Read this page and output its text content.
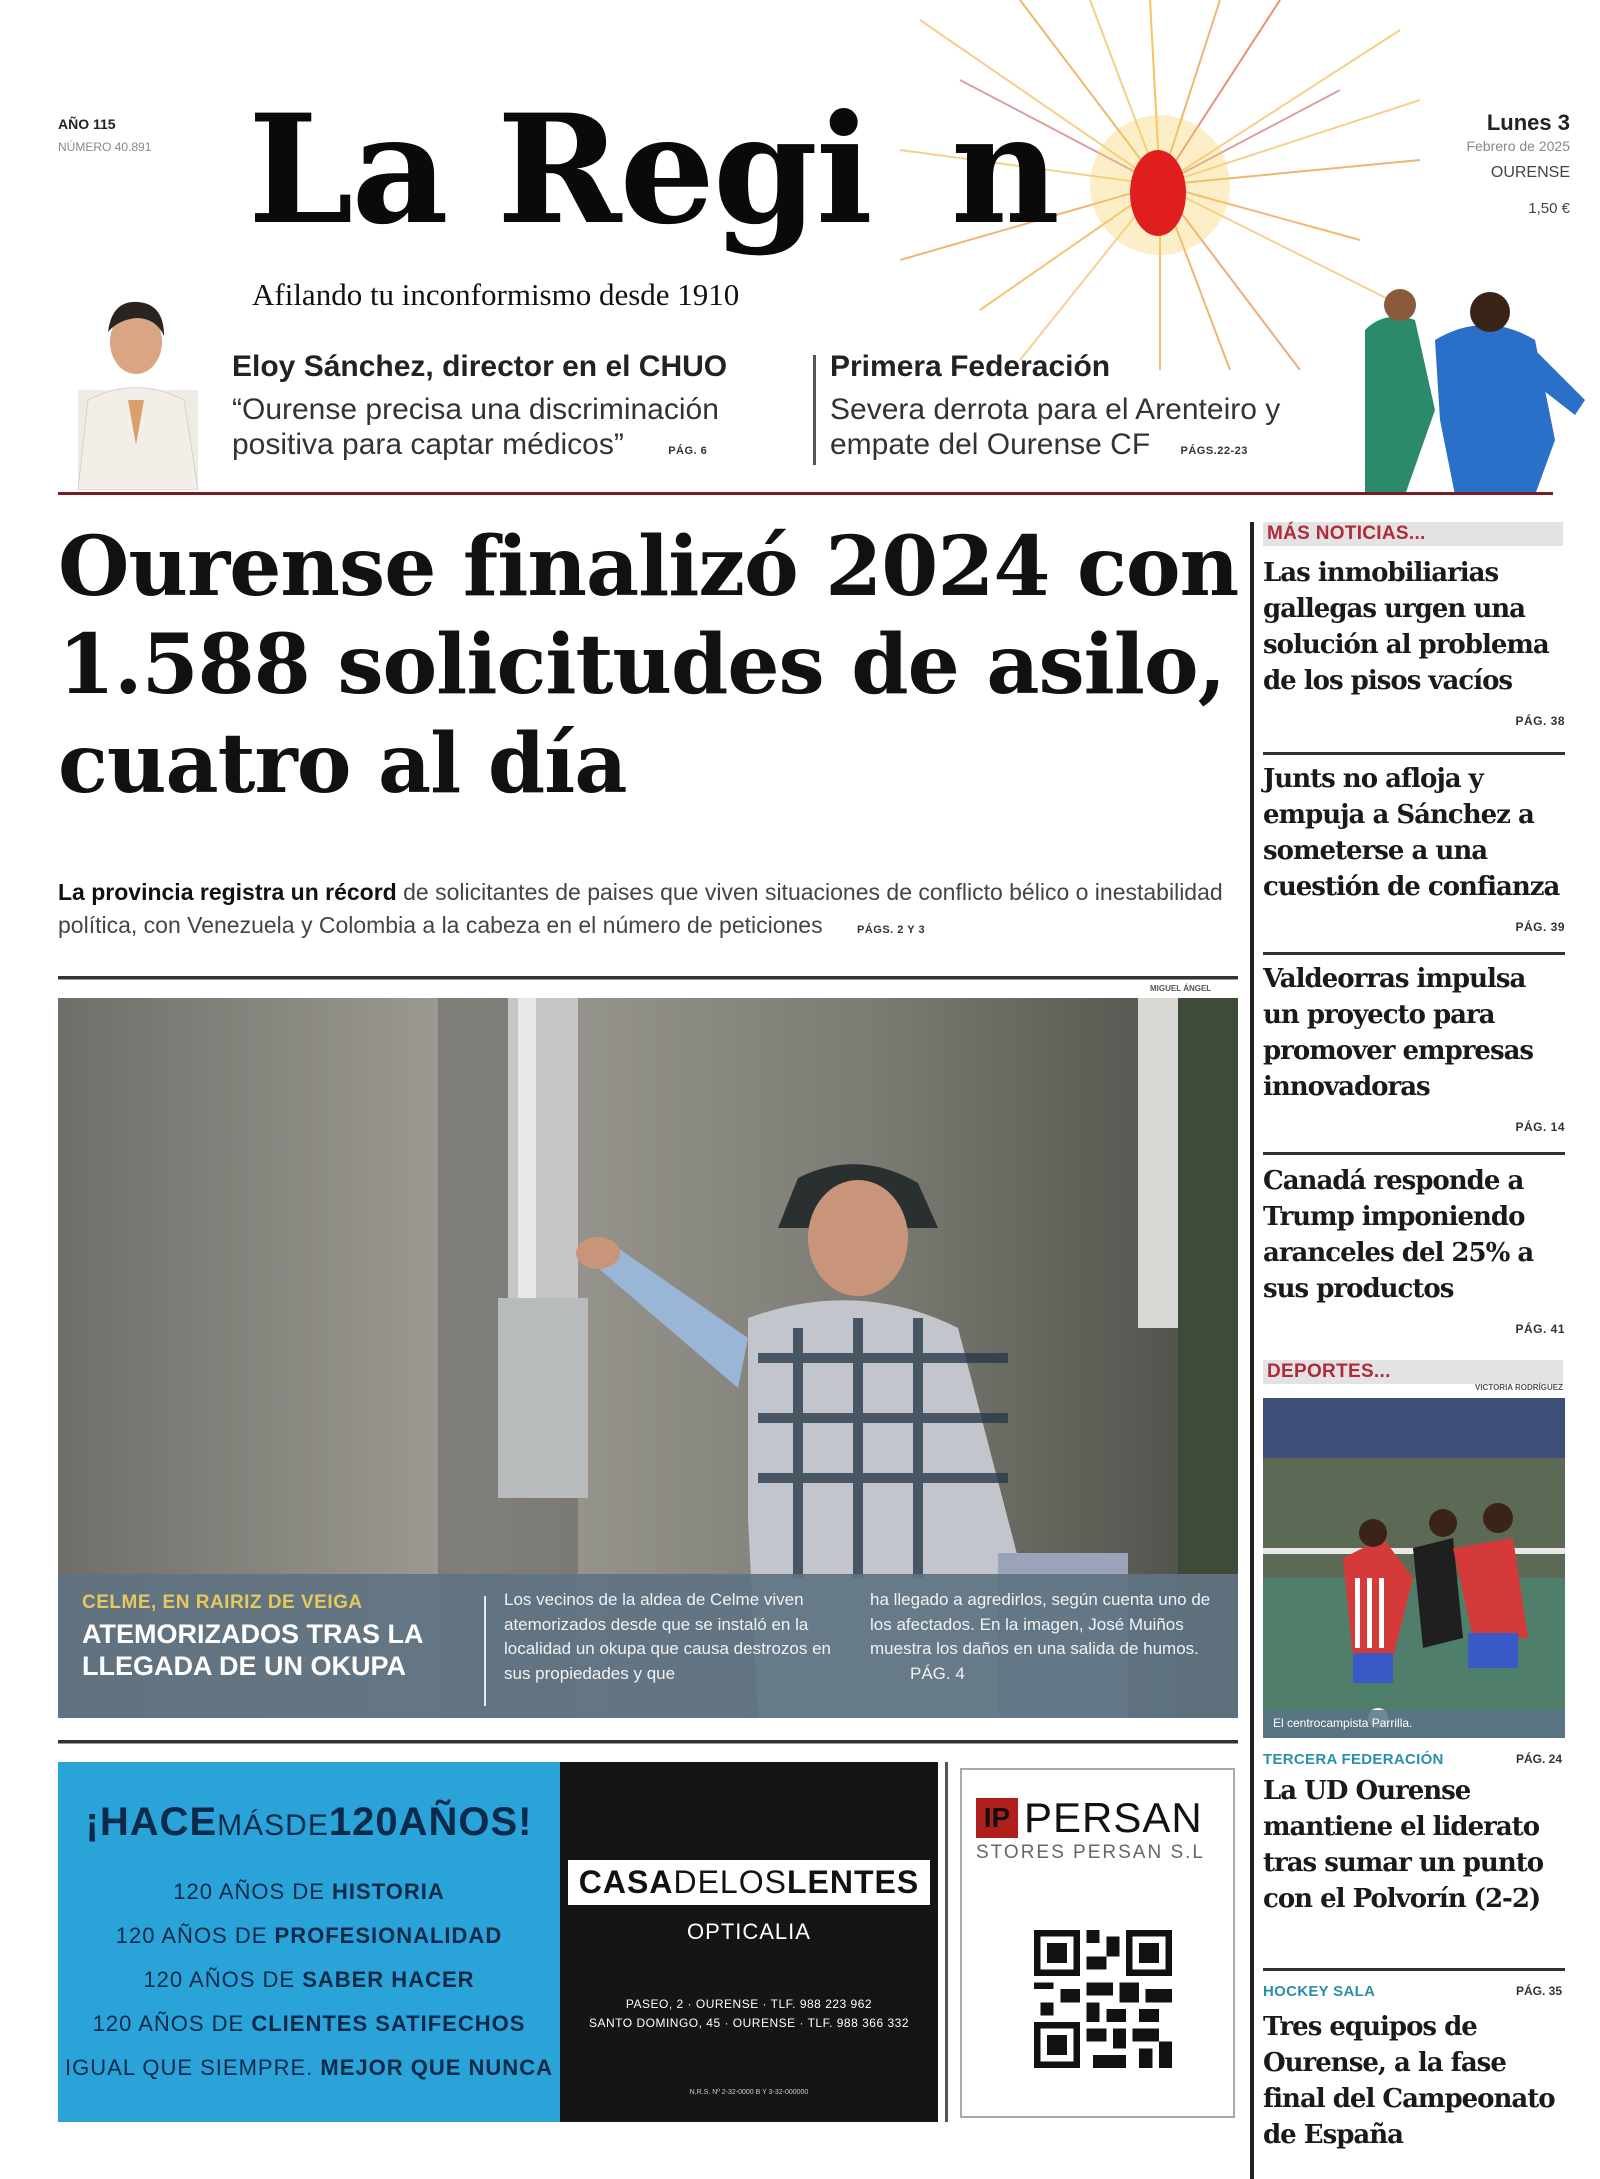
AÑO 115
NÚMERO 40.891 La Regi n
Afilando tu inconformismo desde 1910
Lunes 3
Febrero de 2025
OURENSE
1,50 €
Eloy Sánchez, director en el CHUO
“Ourense precisa una discriminación positiva para captar médicos”	PÁG. 6
Primera Federación
Severa derrota para el Arenteiro y empate del Ourense CF	PÁGS.22-23
Ourense finalizó 2024 con 1.588 solicitudes de asilo, cuatro al día

La provincia registra un récord de solicitantes de paises que viven situaciones de conflicto bélico o inestabilidad política, con Venezuela y Colombia a la cabeza en el número de peticiones	PÁGS. 2 Y 3

MIGUEL ÁNGEL
CELME, EN RAIRIZ DE VEIGA
ATEMORIZADOS TRAS LA LLEGADA DE UN OKUPA
Los vecinos de la aldea de Celme viven atemorizados desde que se instaló en la localidad un okupa que causa destrozos en sus propiedades y que
ha llegado a agredirlos, según cuenta uno de los afectados. En la imagen, José Muiños muestra los daños en una salida de humos. PÁG. 4
¡HACEMÁSDE120AÑOS!
120 AÑOS DE HISTORIA
120 AÑOS DE PROFESIONALIDAD
120 AÑOS DE SABER HACER
120 AÑOS DE CLIENTES SATIFECHOS
IGUAL QUE SIEMPRE. MEJOR QUE NUNCA
CASADELOSLENTES
OPTICALIA
PASEO, 2 · OURENSE · TLF. 988 223 962
SANTO DOMINGO, 45 · OURENSE · TLF. 988 366 332
N.R.S. Nº 2-32-0000 B Y 3-32-000000
IP PERSAN
STORES PERSAN S.L
MÁS NOTICIAS...
Las inmobiliarias gallegas urgen una solución al problema de los pisos vacíos
PÁG. 38
Junts no afloja y empuja a Sánchez a someterse a una cuestión de confianza
PÁG. 39
Valdeorras impulsa un proyecto para promover empresas innovadoras
PÁG. 14
Canadá responde a Trump imponiendo aranceles del 25% a sus productos
PÁG. 41
DEPORTES...
VICTORIA RODRÍGUEZ
El centrocampista Parrilla.
TERCERA FEDERACIÓN	PÁG. 24
La UD Ourense mantiene el liderato tras sumar un punto con el Polvorín (2-2)
HOCKEY SALA	PÁG. 35
Tres equipos de Ourense, a la fase final del Campeonato de España
